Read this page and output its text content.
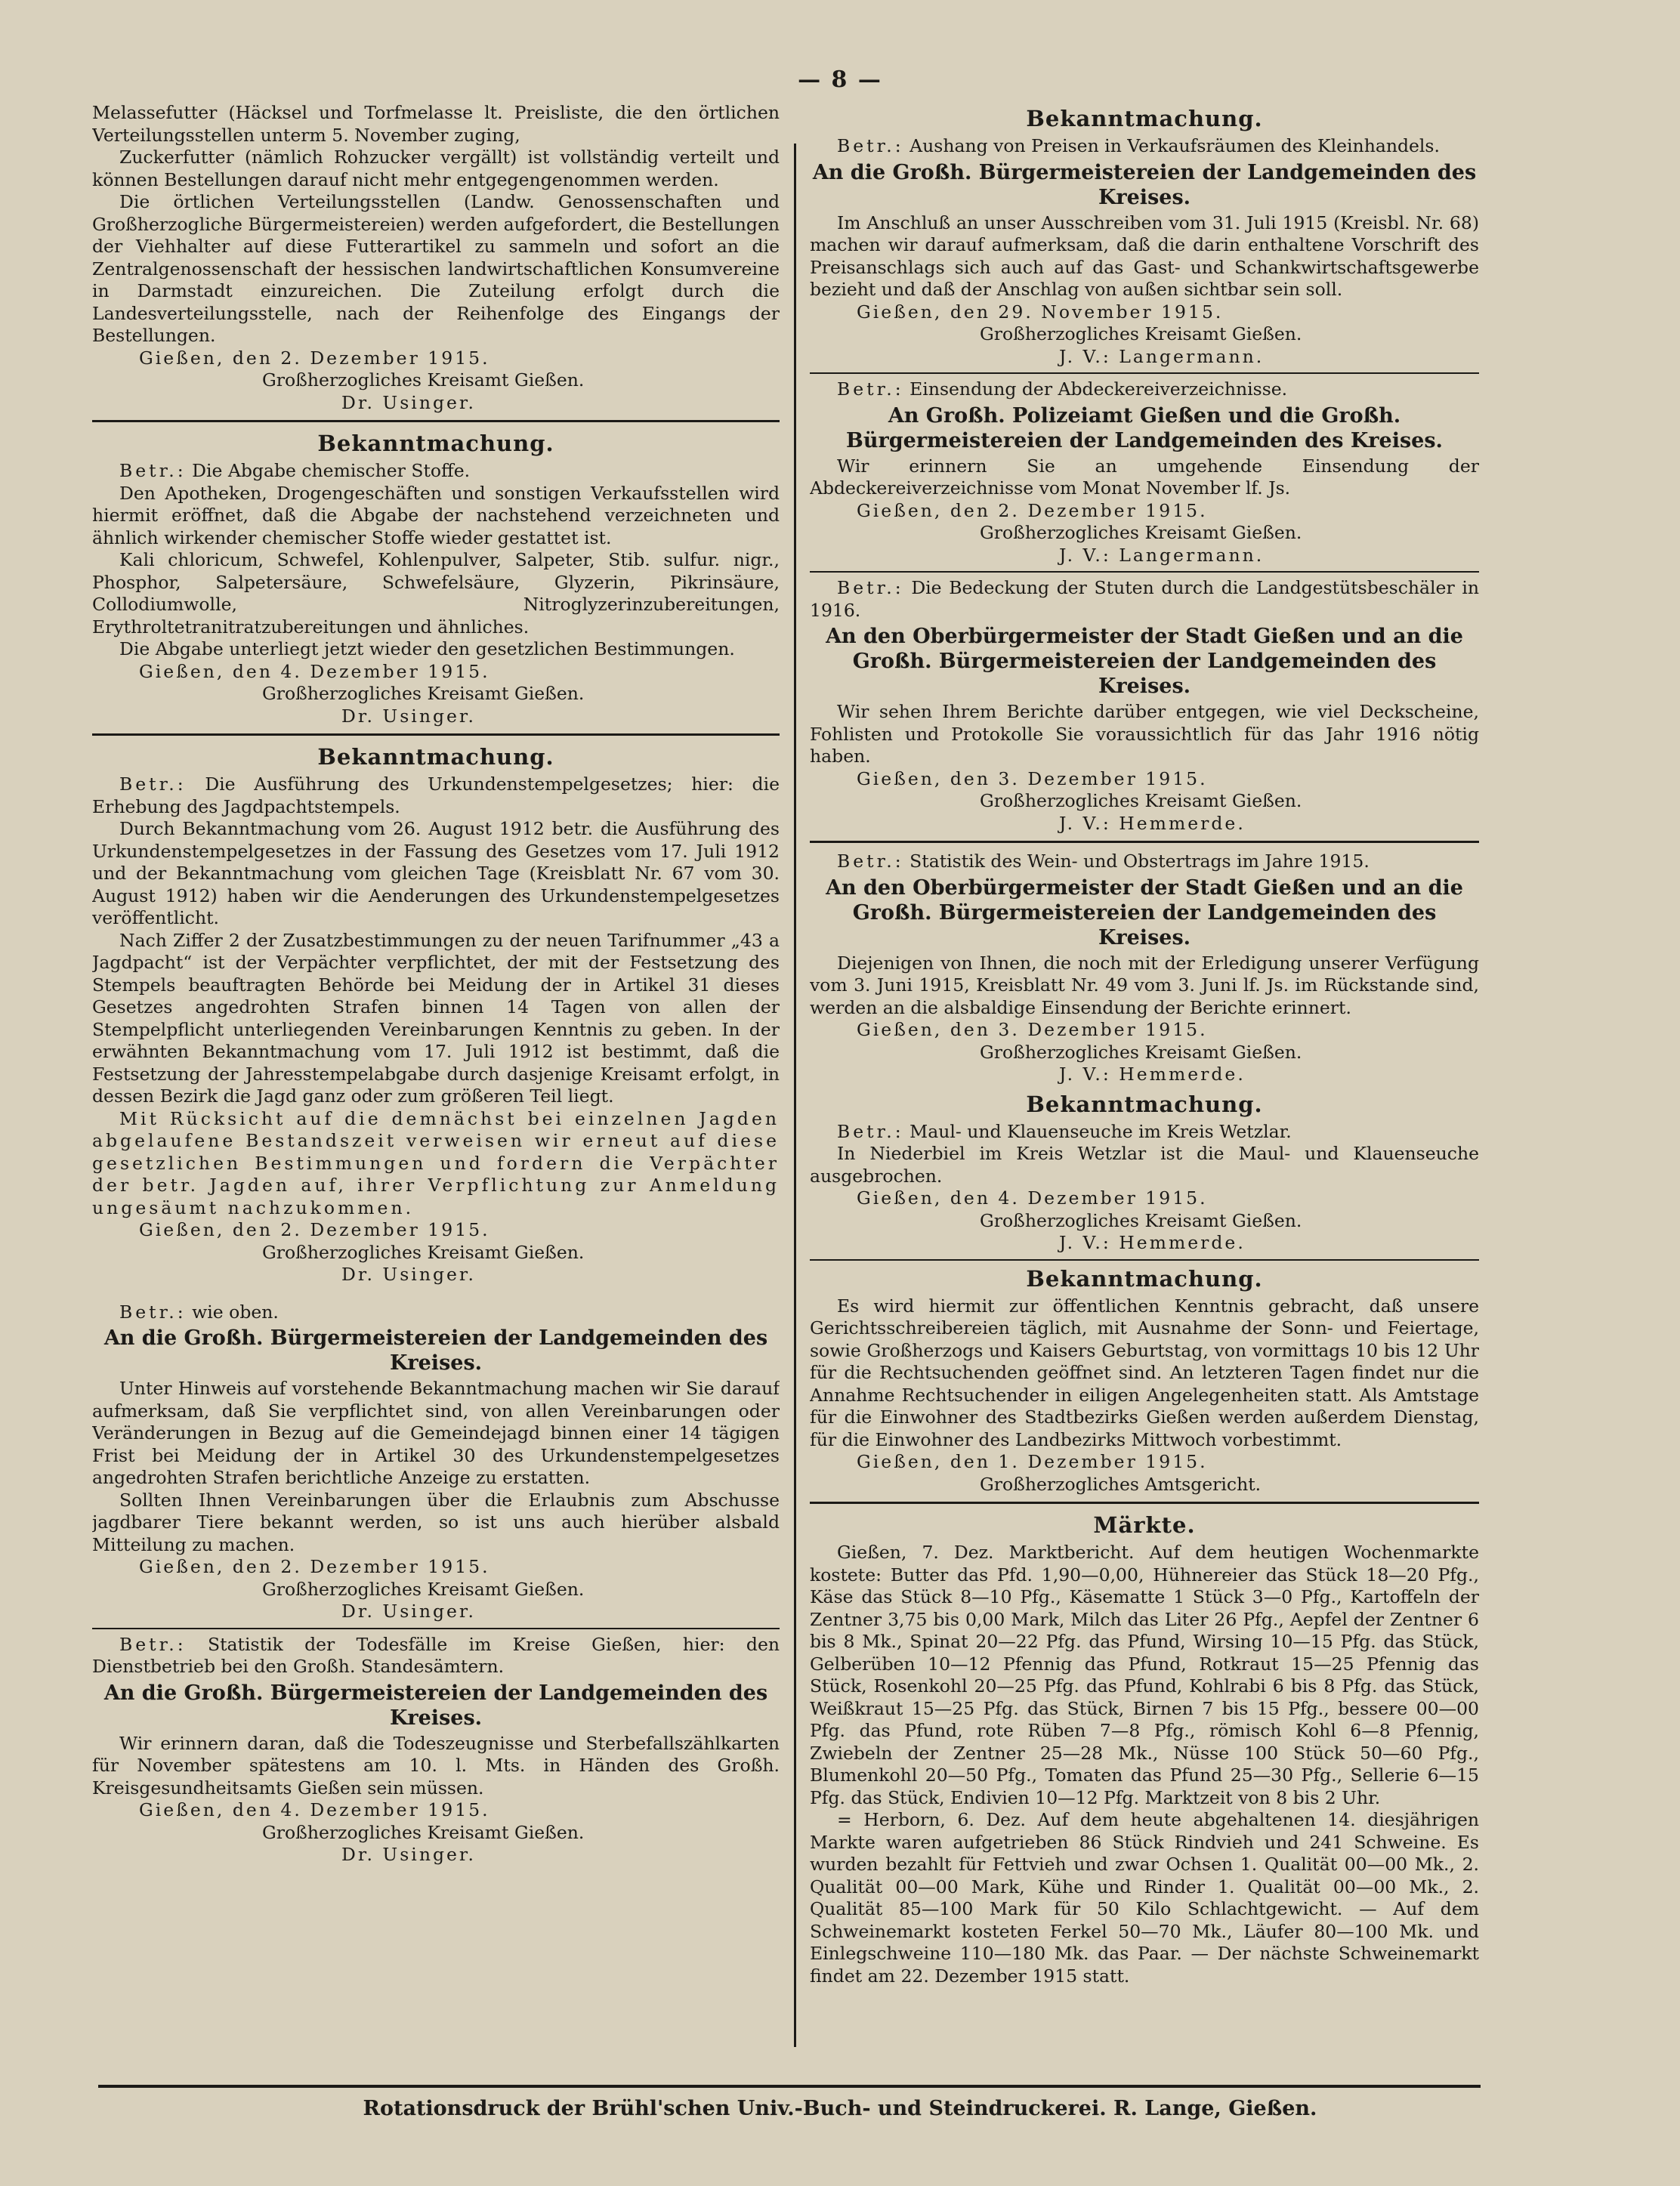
— 8 —

Melassefutter (Häcksel und Torfmelasse lt. Preisliste, die den örtlichen Verteilungsstellen unterm 5. November zuging,

Zuckerfutter (nämlich Rohzucker vergällt) ist vollständig verteilt und können Bestellungen darauf nicht mehr entgegengenommen werden.

Die örtlichen Verteilungsstellen (Landw. Genossenschaften und Großherzogliche Bürgermeistereien) werden aufgefordert, die Bestellungen der Viehhalter auf diese Futterartikel zu sammeln und sofort an die Zentralgenossenschaft der hessischen landwirtschaftlichen Konsumvereine in Darmstadt einzureichen. Die Zuteilung erfolgt durch die Landesverteilungsstelle, nach der Reihenfolge des Eingangs der Bestellungen.

Gießen, den 2. Dezember 1915.
Großherzogliches Kreisamt Gießen.
Dr. Usinger.
Bekanntmachung.

Betr.: Die Abgabe chemischer Stoffe.

Den Apotheken, Drogengeschäften und sonstigen Verkaufsstellen wird hiermit eröffnet, daß die Abgabe der nachstehend verzeichneten und ähnlich wirkender chemischer Stoffe wieder gestattet ist.

Kali chloricum, Schwefel, Kohlenpulver, Salpeter, Stib. sulfur. nigr., Phosphor, Salpetersäure, Schwefelsäure, Glyzerin, Pikrinsäure, Collodiumwolle, Nitroglyzerinzubereitungen, Erythroltetranitratzubereitungen und ähnliches.

Die Abgabe unterliegt jetzt wieder den gesetzlichen Bestimmungen.

Gießen, den 4. Dezember 1915.
Großherzogliches Kreisamt Gießen.
Dr. Usinger.
Bekanntmachung.

Betr.: Die Ausführung des Urkundenstempelgesetzes; hier: die Erhebung des Jagdpachtstempels.

Durch Bekanntmachung vom 26. August 1912 betr. die Ausführung des Urkundenstempelgesetzes in der Fassung des Gesetzes vom 17. Juli 1912 und der Bekanntmachung vom gleichen Tage (Kreisblatt Nr. 67 vom 30. August 1912) haben wir die Aenderungen des Urkundenstempelgesetzes veröffentlicht.

Nach Ziffer 2 der Zusatzbestimmungen zu der neuen Tarifnummer „43 a Jagdpacht“ ist der Verpächter verpflichtet, der mit der Festsetzung des Stempels beauftragten Behörde bei Meidung der in Artikel 31 dieses Gesetzes angedrohten Strafen binnen 14 Tagen von allen der Stempelpflicht unterliegenden Vereinbarungen Kenntnis zu geben. In der erwähnten Bekanntmachung vom 17. Juli 1912 ist bestimmt, daß die Festsetzung der Jahresstempelabgabe durch dasjenige Kreisamt erfolgt, in dessen Bezirk die Jagd ganz oder zum größeren Teil liegt.

Mit Rücksicht auf die demnächst bei einzelnen Jagden abgelaufene Bestandszeit verweisen wir erneut auf diese gesetzlichen Bestimmungen und fordern die Verpächter der betr. Jagden auf, ihrer Verpflichtung zur Anmeldung ungesäumt nachzukommen.

Gießen, den 2. Dezember 1915.
Großherzogliches Kreisamt Gießen.
Dr. Usinger.

Betr.: wie oben.

An die Großh. Bürgermeistereien der Landgemeinden des Kreises.

Unter Hinweis auf vorstehende Bekanntmachung machen wir Sie darauf aufmerksam, daß Sie verpflichtet sind, von allen Vereinbarungen oder Veränderungen in Bezug auf die Gemeindejagd binnen einer 14 tägigen Frist bei Meidung der in Artikel 30 des Urkundenstempelgesetzes angedrohten Strafen berichtliche Anzeige zu erstatten.

Sollten Ihnen Vereinbarungen über die Erlaubnis zum Abschusse jagdbarer Tiere bekannt werden, so ist uns auch hierüber alsbald Mitteilung zu machen.

Gießen, den 2. Dezember 1915.
Großherzogliches Kreisamt Gießen.
Dr. Usinger.

Betr.: Statistik der Todesfälle im Kreise Gießen, hier: den Dienstbetrieb bei den Großh. Standesämtern.

An die Großh. Bürgermeistereien der Landgemeinden des Kreises.

Wir erinnern daran, daß die Todeszeugnisse und Sterbefallszählkarten für November spätestens am 10. l. Mts. in Händen des Großh. Kreisgesundheitsamts Gießen sein müssen.

Gießen, den 4. Dezember 1915.
Großherzogliches Kreisamt Gießen.
Dr. Usinger.
Bekanntmachung.

Betr.: Aushang von Preisen in Verkaufsräumen des Kleinhandels.

An die Großh. Bürgermeistereien der Landgemeinden des Kreises.

Im Anschluß an unser Ausschreiben vom 31. Juli 1915 (Kreisbl. Nr. 68) machen wir darauf aufmerksam, daß die darin enthaltene Vorschrift des Preisanschlags sich auch auf das Gast- und Schankwirtschaftsgewerbe bezieht und daß der Anschlag von außen sichtbar sein soll.

Gießen, den 29. November 1915.
Großherzogliches Kreisamt Gießen.
J. V.: Langermann.

Betr.: Einsendung der Abdeckereiverzeichnisse.

An Großh. Polizeiamt Gießen und die Großh. Bürgermeistereien der Landgemeinden des Kreises.

Wir erinnern Sie an umgehende Einsendung der Abdeckereiverzeichnisse vom Monat November lf. Js.

Gießen, den 2. Dezember 1915.
Großherzogliches Kreisamt Gießen.
J. V.: Langermann.

Betr.: Die Bedeckung der Stuten durch die Landgestütsbeschäler in 1916.

An den Oberbürgermeister der Stadt Gießen und an die Großh. Bürgermeistereien der Landgemeinden des Kreises.

Wir sehen Ihrem Berichte darüber entgegen, wie viel Deckscheine, Fohlisten und Protokolle Sie voraussichtlich für das Jahr 1916 nötig haben.

Gießen, den 3. Dezember 1915.
Großherzogliches Kreisamt Gießen.
J. V.: Hemmerde.

Betr.: Statistik des Wein- und Obstertrags im Jahre 1915.

An den Oberbürgermeister der Stadt Gießen und an die Großh. Bürgermeistereien der Landgemeinden des Kreises.

Diejenigen von Ihnen, die noch mit der Erledigung unserer Verfügung vom 3. Juni 1915, Kreisblatt Nr. 49 vom 3. Juni lf. Js. im Rückstande sind, werden an die alsbaldige Einsendung der Berichte erinnert.

Gießen, den 3. Dezember 1915.
Großherzogliches Kreisamt Gießen.
J. V.: Hemmerde.
Bekanntmachung.

Betr.: Maul- und Klauenseuche im Kreis Wetzlar.

In Niederbiel im Kreis Wetzlar ist die Maul- und Klauenseuche ausgebrochen.

Gießen, den 4. Dezember 1915.
Großherzogliches Kreisamt Gießen.
J. V.: Hemmerde.
Bekanntmachung.

Es wird hiermit zur öffentlichen Kenntnis gebracht, daß unsere Gerichtsschreibereien täglich, mit Ausnahme der Sonn- und Feiertage, sowie Großherzogs und Kaisers Geburtstag, von vormittags 10 bis 12 Uhr für die Rechtsuchenden geöffnet sind. An letzteren Tagen findet nur die Annahme Rechtsuchender in eiligen Angelegenheiten statt. Als Amtstage für die Einwohner des Stadtbezirks Gießen werden außerdem Dienstag, für die Einwohner des Landbezirks Mittwoch vorbestimmt.

Gießen, den 1. Dezember 1915.
Großherzogliches Amtsgericht.
Märkte.

Gießen, 7. Dez. Marktbericht. Auf dem heutigen Wochenmarkte kostete: Butter das Pfd. 1,90—0,00, Hühnereier das Stück 18—20 Pfg., Käse das Stück 8—10 Pfg., Käsematte 1 Stück 3—0 Pfg., Kartoffeln der Zentner 3,75 bis 0,00 Mark, Milch das Liter 26 Pfg., Aepfel der Zentner 6 bis 8 Mk., Spinat 20—22 Pfg. das Pfund, Wirsing 10—15 Pfg. das Stück, Gelberüben 10—12 Pfennig das Pfund, Rotkraut 15—25 Pfennig das Stück, Rosenkohl 20—25 Pfg. das Pfund, Kohlrabi 6 bis 8 Pfg. das Stück, Weißkraut 15—25 Pfg. das Stück, Birnen 7 bis 15 Pfg., bessere 00—00 Pfg. das Pfund, rote Rüben 7—8 Pfg., römisch Kohl 6—8 Pfennig, Zwiebeln der Zentner 25—28 Mk., Nüsse 100 Stück 50—60 Pfg., Blumenkohl 20—50 Pfg., Tomaten das Pfund 25—30 Pfg., Sellerie 6—15 Pfg. das Stück, Endivien 10—12 Pfg. Marktzeit von 8 bis 2 Uhr.

= Herborn, 6. Dez. Auf dem heute abgehaltenen 14. diesjährigen Markte waren aufgetrieben 86 Stück Rindvieh und 241 Schweine. Es wurden bezahlt für Fettvieh und zwar Ochsen 1. Qualität 00—00 Mk., 2. Qualität 00—00 Mark, Kühe und Rinder 1. Qualität 00—00 Mk., 2. Qualität 85—100 Mark für 50 Kilo Schlachtgewicht. — Auf dem Schweinemarkt kosteten Ferkel 50—70 Mk., Läufer 80—100 Mk. und Einlegschweine 110—180 Mk. das Paar. — Der nächste Schweinemarkt findet am 22. Dezember 1915 statt.

Rotationsdruck der Brühl'schen Univ.-Buch- und Steindruckerei. R. Lange, Gießen.
